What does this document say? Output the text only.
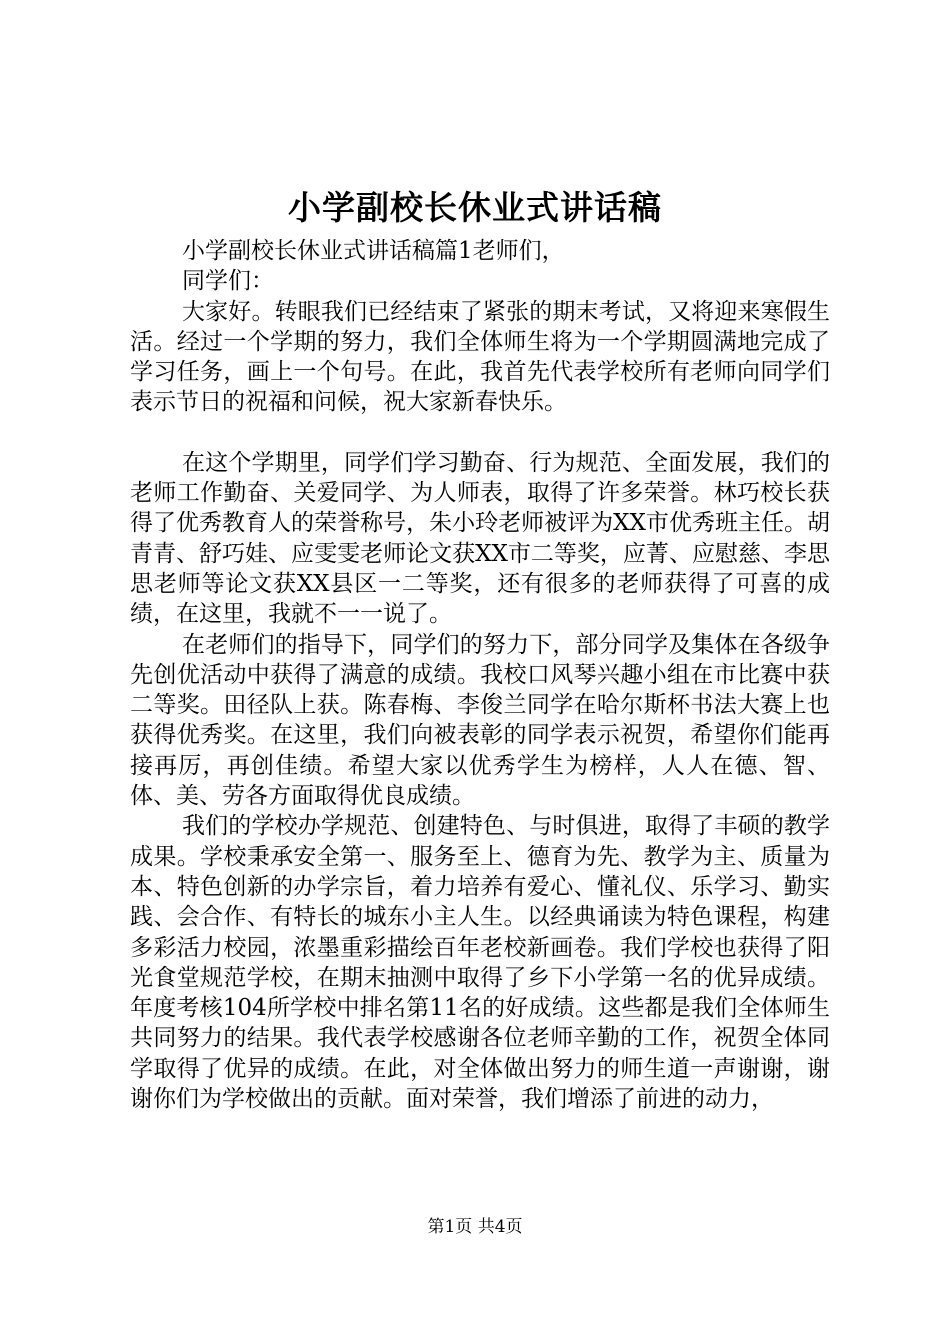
小学副校长休业式讲话稿

小学副校长休业式讲话稿篇1老师们，

同学们：

大家好。转眼我们已经结束了紧张的期末考试，又将迎来寒假生活。经过一个学期的努力，我们全体师生将为一个学期圆满地完成了学习任务，画上一个句号。在此，我首先代表学校所有老师向同学们表示节日的祝福和问候，祝大家新春快乐。

在这个学期里，同学们学习勤奋、行为规范、全面发展，我们的老师工作勤奋、关爱同学、为人师表，取得了许多荣誉。林巧校长获得了优秀教育人的荣誉称号，朱小玲老师被评为XX市优秀班主任。胡青青、舒巧娃、应雯雯老师论文获XX市二等奖，应菁、应慰慈、李思思老师等论文获XX县区一二等奖，还有很多的老师获得了可喜的成绩，在这里，我就不一一说了。

在老师们的指导下，同学们的努力下，部分同学及集体在各级争先创优活动中获得了满意的成绩。我校口风琴兴趣小组在市比赛中获二等奖。田径队上获。陈春梅、李俊兰同学在哈尔斯杯书法大赛上也获得优秀奖。在这里，我们向被表彰的同学表示祝贺，希望你们能再接再厉，再创佳绩。希望大家以优秀学生为榜样，人人在德、智、体、美、劳各方面取得优良成绩。

我们的学校办学规范、创建特色、与时俱进，取得了丰硕的教学成果。学校秉承安全第一、服务至上、德育为先、教学为主、质量为本、特色创新的办学宗旨，着力培养有爱心、懂礼仪、乐学习、勤实践、会合作、有特长的城东小主人生。以经典诵读为特色课程，构建多彩活力校园，浓墨重彩描绘百年老校新画卷。我们学校也获得了阳光食堂规范学校，在期末抽测中取得了乡下小学第一名的优异成绩。年度考核104所学校中排名第11名的好成绩。这些都是我们全体师生共同努力的结果。我代表学校感谢各位老师辛勤的工作，祝贺全体同学取得了优异的成绩。在此，对全体做出努力的师生道一声谢谢，谢谢你们为学校做出的贡献。面对荣誉，我们增添了前进的动力，

第1页 共4页
